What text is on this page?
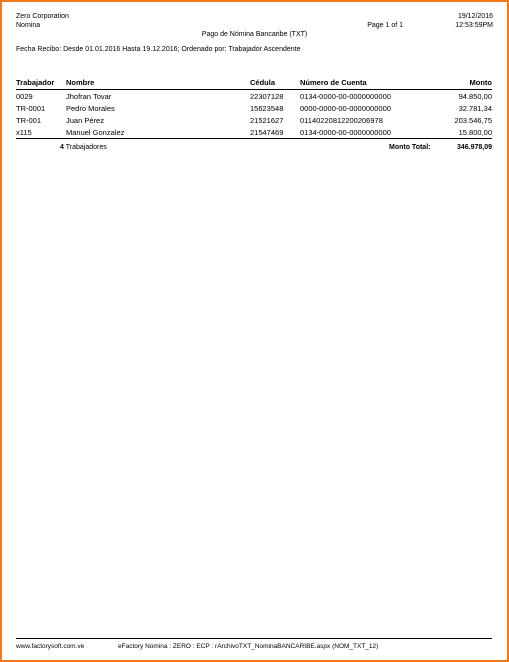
Zero Corporation
Nomina
19/12/2016
12:53:59PM
Page 1 of 1
Pago de Nómina Bancaribe (TXT)
Fecha Recibo: Desde 01.01.2016 Hasta 19.12.2016; Ordenado por: Trabajador Ascendente
Trabajador	Nombre	Cédula	Número de Cuenta	Monto
0029	Jhofran Tovar	22307128	0134-0000-00-0000000000	94.850,00
TR-0001	Pedro Morales	15623548	0000-0000-00-0000000000	32.781,34
TR-001	Juan Pérez	21521627	01140220812200206978	203.546,75
x115	Manuel Gonzalez	21547469	0134-0000-00-0000000000	15.800,00
4 Trabajadores	Monto Total:	346.978,09
www.factorysoft.com.ve	eFactory Nomina : ZERO : ECP : rArchivoTXT_NominaBANCARIBE.aspx (NOM_TXT_12)
